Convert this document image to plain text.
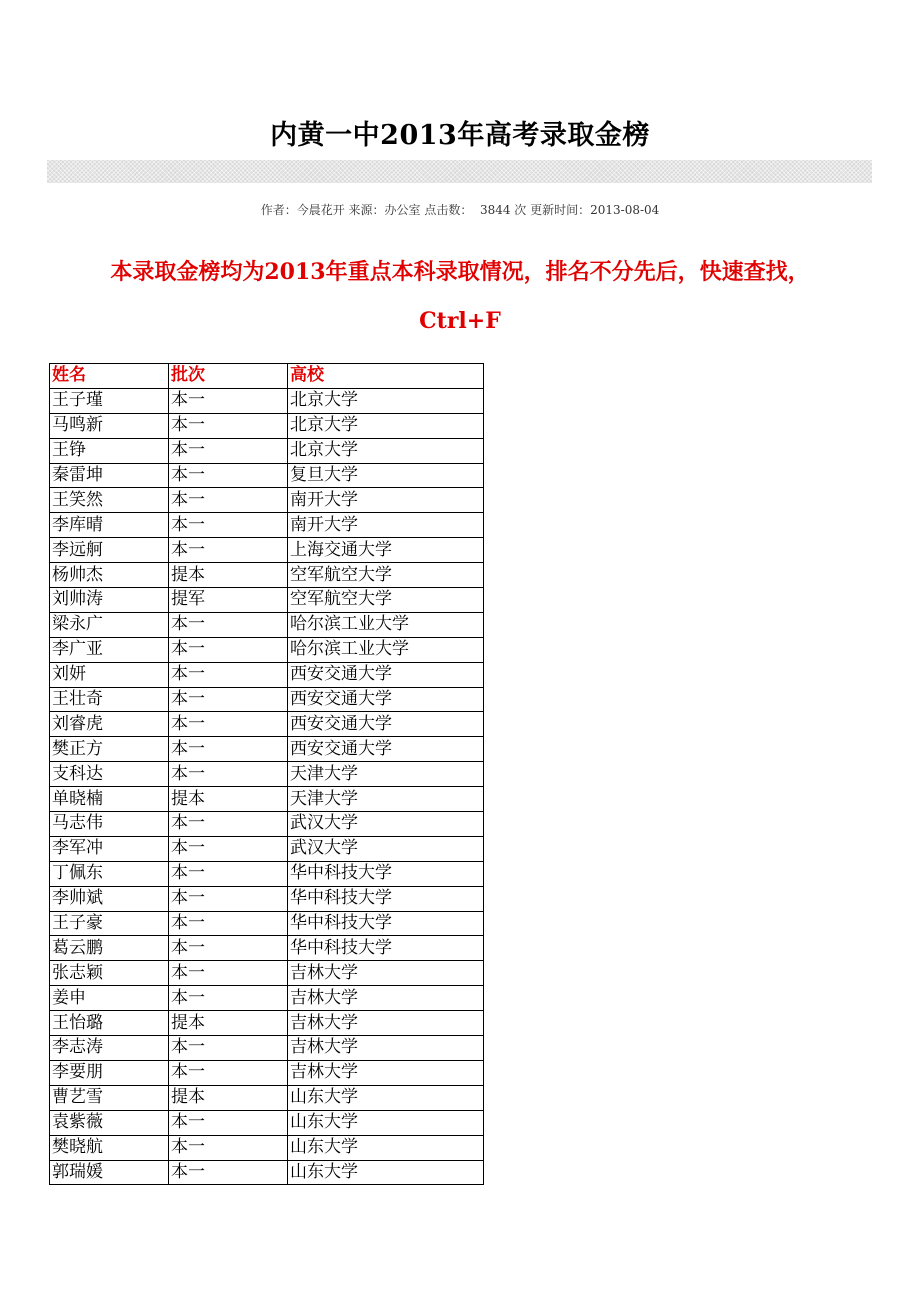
内黄一中2013年高考录取金榜
作者：今晨花开 来源：办公室 点击数：  3844 次 更新时间：2013-08-04
本录取金榜均为2013年重点本科录取情况，排名不分先后，快速查找，
Ctrl+F
姓名	批次	高校
王子瑾	本一	北京大学
马鸣新	本一	北京大学
王铮	本一	北京大学
秦雷坤	本一	复旦大学
王笑然	本一	南开大学
李库晴	本一	南开大学
李远舸	本一	上海交通大学
杨帅杰	提本	空军航空大学
刘帅涛	提军	空军航空大学
梁永广	本一	哈尔滨工业大学
李广亚	本一	哈尔滨工业大学
刘妍	本一	西安交通大学
王壮奇	本一	西安交通大学
刘睿虎	本一	西安交通大学
樊正方	本一	西安交通大学
支科达	本一	天津大学
单晓楠	提本	天津大学
马志伟	本一	武汉大学
李军冲	本一	武汉大学
丁佩东	本一	华中科技大学
李帅斌	本一	华中科技大学
王子豪	本一	华中科技大学
葛云鹏	本一	华中科技大学
张志颖	本一	吉林大学
姜申	本一	吉林大学
王怡璐	提本	吉林大学
李志涛	本一	吉林大学
李要朋	本一	吉林大学
曹艺雪	提本	山东大学
袁紫薇	本一	山东大学
樊晓航	本一	山东大学
郭瑞媛	本一	山东大学
